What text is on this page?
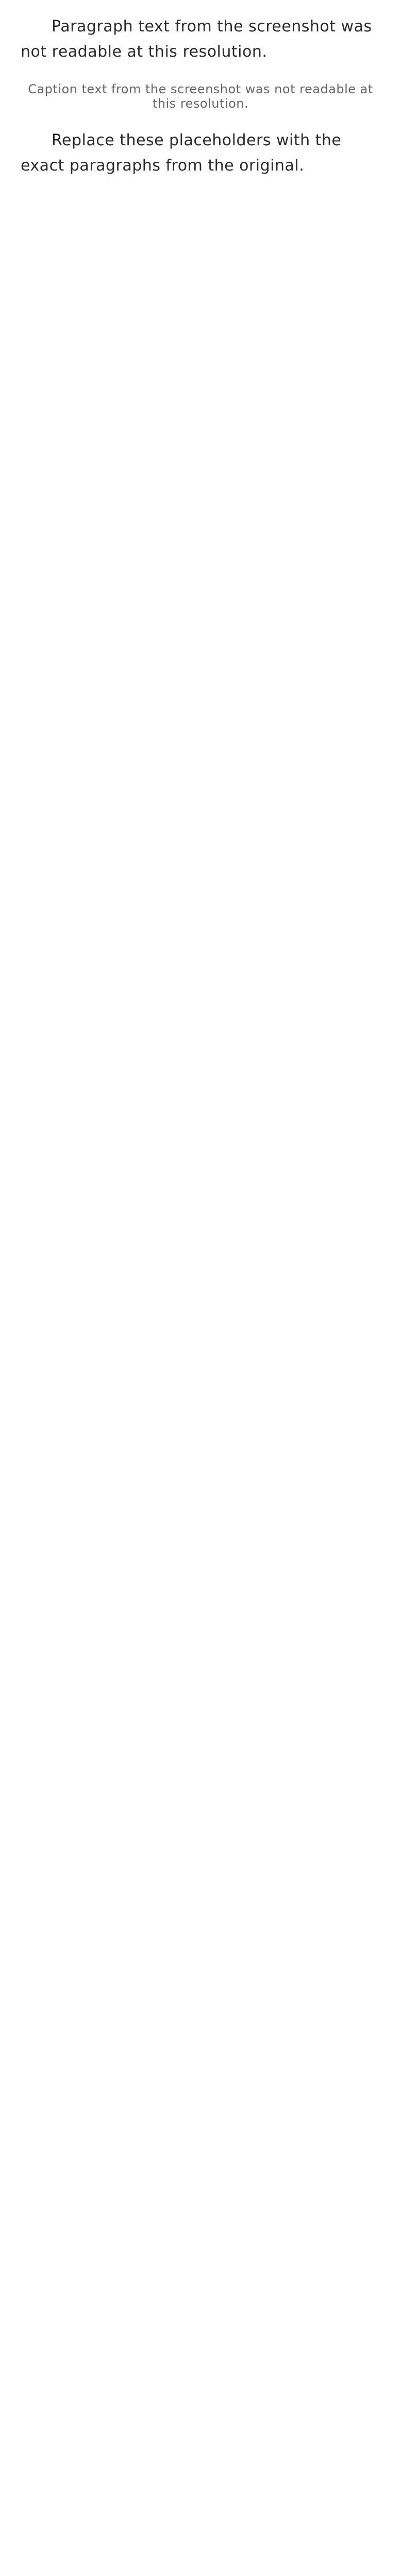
Paragraph text from the screenshot was not readable at this resolution.

Caption text from the screenshot was not readable at this resolution.

Replace these placeholders with the exact paragraphs from the original.
